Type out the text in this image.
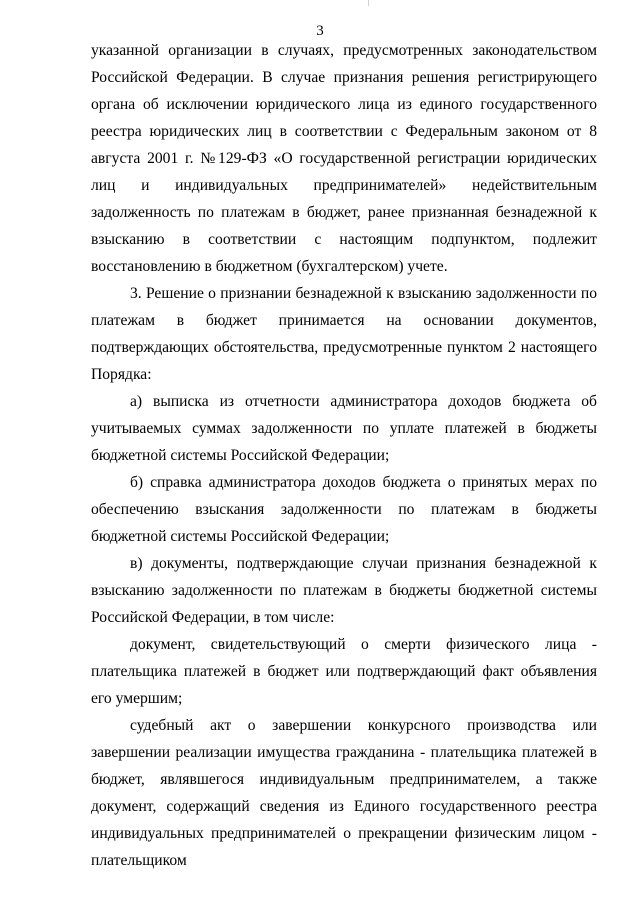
3

указанной организации в случаях, предусмотренных законодательством Российской Федерации. В случае признания решения регистрирующего органа об исключении юридического лица из единого государственного реестра юридических лиц в соответствии с Федеральным законом от 8 августа 2001 г. №129-ФЗ «О государственной регистрации юридических лиц и индивидуальных предпринимателей» недействительным задолженность по платежам в бюджет, ранее признанная безнадежной к взысканию в соответствии с настоящим подпунктом, подлежит восстановлению в бюджетном (бухгалтерском) учете.

3. Решение о признании безнадежной к взысканию задолженности по платежам в бюджет принимается на основании документов, подтверждающих обстоятельства, предусмотренные пунктом 2 настоящего Порядка:

а) выписка из отчетности администратора доходов бюджета об учитываемых суммах задолженности по уплате платежей в бюджеты бюджетной системы Российской Федерации;

б) справка администратора доходов бюджета о принятых мерах по обеспечению взыскания задолженности по платежам в бюджеты бюджетной системы Российской Федерации;

в) документы, подтверждающие случаи признания безнадежной к взысканию задолженности по платежам в бюджеты бюджетной системы Российской Федерации, в том числе:

документ, свидетельствующий о смерти физического лица - плательщика платежей в бюджет или подтверждающий факт объявления его умершим;

судебный акт о завершении конкурсного производства или завершении реализации имущества гражданина - плательщика платежей в бюджет, являвшегося индивидуальным предпринимателем, а также документ, содержащий сведения из Единого государственного реестра индивидуальных предпринимателей о прекращении физическим лицом - плательщиком
